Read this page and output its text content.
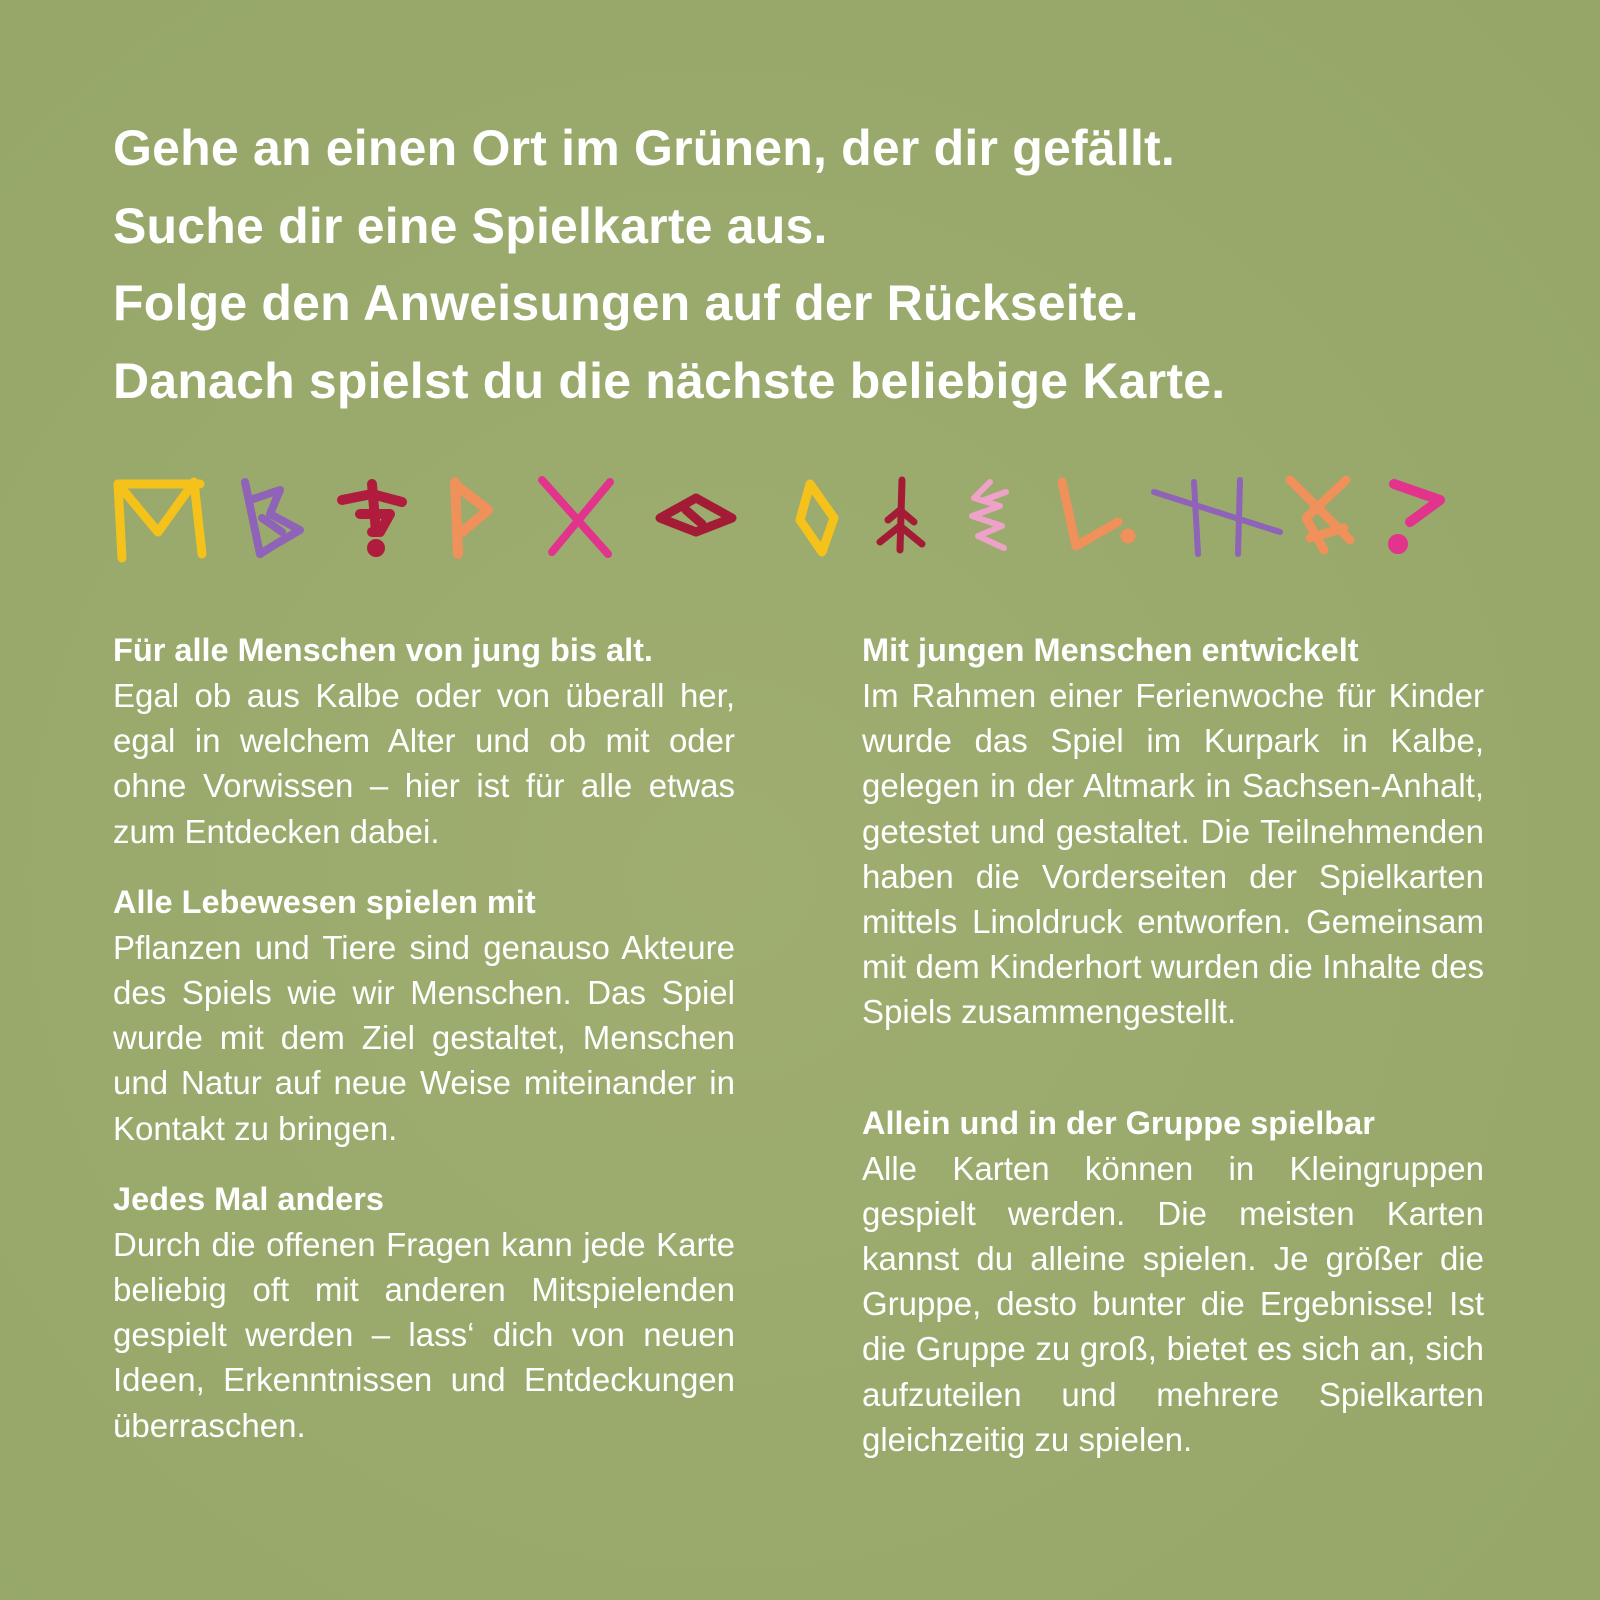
Gehe an einen Ort im Grünen, der dir gefällt.
Suche dir eine Spielkarte aus.
Folge den Anweisungen auf der Rückseite.
Danach spielst du die nächste beliebige Karte.
Für alle Menschen von jung bis alt.
Egal ob aus Kalbe oder von überall her, egal in welchem Alter und ob mit oder ohne Vorwissen – hier ist für alle etwas zum Entdecken dabei.
Alle Lebewesen spielen mit
Pflanzen und Tiere sind genauso Akteure des Spiels wie wir Menschen. Das Spiel wurde mit dem Ziel gestaltet, Menschen und Natur auf neue Weise miteinander in Kontakt zu bringen.
Jedes Mal anders
Durch die offenen Fragen kann jede Karte beliebig oft mit anderen Mitspielenden gespielt werden – lass‘ dich von neuen Ideen, Erkenntnissen und Entdeckungen überraschen.
Mit jungen Menschen entwickelt
Im Rahmen einer Ferienwoche für Kinder wurde das Spiel im Kurpark in Kalbe, gelegen in der Altmark in Sachsen-Anhalt, getestet und gestaltet. Die Teilnehmenden haben die Vorderseiten der Spielkarten mittels Linoldruck entworfen. Gemeinsam mit dem Kinderhort wurden die Inhalte des Spiels zusammengestellt.
Allein und in der Gruppe spielbar
Alle Karten können in Kleingruppen gespielt werden. Die meisten Karten kannst du alleine spielen. Je größer die Gruppe, desto bunter die Ergebnisse! Ist die Gruppe zu groß, bietet es sich an, sich aufzuteilen und mehrere Spielkarten gleichzeitig zu spielen.
